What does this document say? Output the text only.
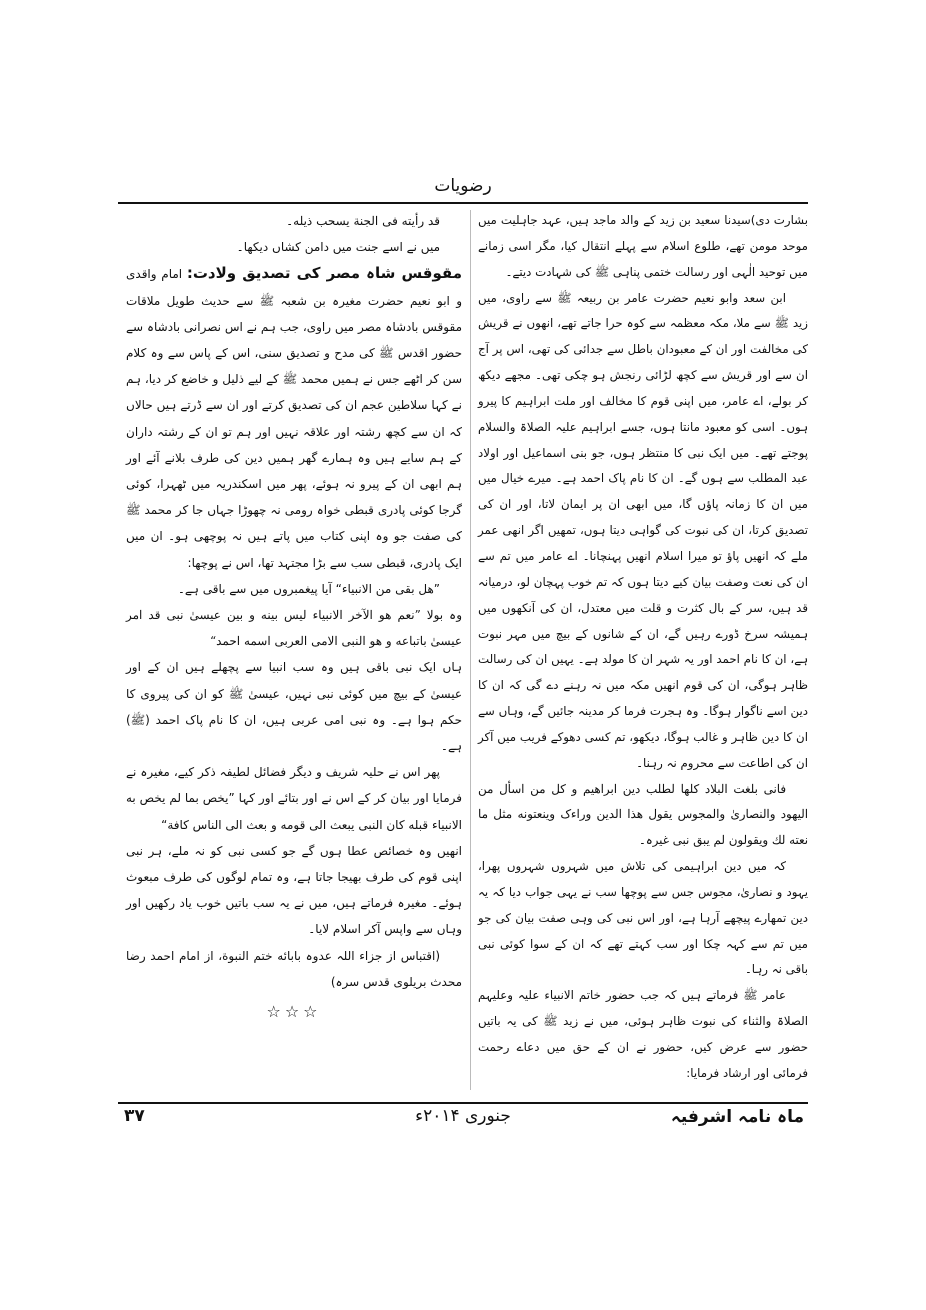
رضویات

بشارت دی)سیدنا سعید بن زید کے والد ماجد ہیں، عہد جاہلیت میں موحد مومن تھے، طلوع اسلام سے پہلے انتقال کیا، مگر اسی زمانے میں توحید الٰہی اور رسالت ختمی پناہی ﷺ کی شہادت دیتے۔

ابن سعد وابو نعیم حضرت عامر بن ربیعہ ﷺ سے راوی، میں زید ﷺ سے ملا، مکہ معظمہ سے کوہ حرا جاتے تھے، انھوں نے قریش کی مخالفت اور ان کے معبودان باطل سے جدائی کی تھی، اس پر آج ان سے اور قریش سے کچھ لڑائی رنجش ہو چکی تھی۔ مجھے دیکھ کر بولے، اے عامر، میں اپنی قوم کا مخالف اور ملت ابراہیم کا پیرو ہوں۔ اسی کو معبود مانتا ہوں، جسے ابراہیم علیہ الصلاۃ والسلام پوجتے تھے۔ میں ایک نبی کا منتظر ہوں، جو بنی اسماعیل اور اولاد عبد المطلب سے ہوں گے۔ ان کا نام پاک احمد ہے۔ میرے خیال میں میں ان کا زمانہ پاؤں گا، میں ابھی ان پر ایمان لاتا، اور ان کی تصدیق کرتا، ان کی نبوت کی گواہی دیتا ہوں، تمھیں اگر انھی عمر ملے کہ انھیں پاؤ تو میرا اسلام انھیں پہنچانا۔ اے عامر میں تم سے ان کی نعت وصفت بیان کیے دیتا ہوں کہ تم خوب پہچان لو، درمیانہ قد ہیں، سر کے بال کثرت و قلت میں معتدل، ان کی آنکھوں میں ہمیشہ سرخ ڈورے رہیں گے، ان کے شانوں کے بیچ میں مہر نبوت ہے، ان کا نام احمد اور یہ شہر ان کا مولد ہے۔ یہیں ان کی رسالت ظاہر ہوگی، ان کی قوم انھیں مکہ میں نہ رہنے دے گی کہ ان کا دین اسے ناگوار ہوگا۔ وہ ہجرت فرما کر مدینہ جائیں گے، وہاں سے ان کا دین ظاہر و غالب ہوگا، دیکھو، تم کسی دھوکے فریب میں آکر ان کی اطاعت سے محروم نہ رہنا۔

فانی بلغت البلاد کلھا لطلب دین ابراھیم و کل من اسأل من الیھود والنصاریٰ والمجوس یقول ھذا الدین وراءک وینعتونه مثل ما نعته لك ویقولون لم یبق نبی غیرہ۔

کہ میں دین ابراہیمی کی تلاش میں شہروں شہروں پھرا، یہود و نصاریٰ، مجوس جس سے پوچھا سب نے یہی جواب دیا کہ یہ دین تمھارے پیچھے آرہا ہے، اور اس نبی کی وہی صفت بیان کی جو میں تم سے کہہ چکا اور سب کہتے تھے کہ ان کے سوا کوئی نبی باقی نہ رہا۔

عامر ﷺ فرماتے ہیں کہ جب حضور خاتم الانبیاء علیہ وعلیہم الصلاۃ والثناء کی نبوت ظاہر ہوئی، میں نے زید ﷺ کی یہ باتیں حضور سے عرض کیں، حضور نے ان کے حق میں دعاے رحمت فرمائی اور ارشاد فرمایا:

قد رأیته فی الجنة یسحب ذیله۔

میں نے اسے جنت میں دامن کشاں دیکھا۔

مقوقس شاہ مصر کی تصدیق ولادت: امام واقدی و ابو نعیم حضرت مغیرہ بن شعبہ ﷺ سے حدیث طویل ملاقات مقوقس بادشاہ مصر میں راوی، جب ہم نے اس نصرانی بادشاہ سے حضور اقدس ﷺ کی مدح و تصدیق سنی، اس کے پاس سے وہ کلام سن کر اٹھے جس نے ہمیں محمد ﷺ کے لیے ذلیل و خاضع کر دیا، ہم نے کہا سلاطین عجم ان کی تصدیق کرتے اور ان سے ڈرتے ہیں حالاں کہ ان سے کچھ رشتہ اور علاقہ نہیں اور ہم تو ان کے رشتہ داران کے ہم سایے ہیں وہ ہمارے گھر ہمیں دین کی طرف بلانے آئے اور ہم ابھی ان کے پیرو نہ ہوئے، پھر میں اسکندریہ میں ٹھہرا، کوئی گرجا کوئی پادری قبطی خواہ رومی نہ چھوڑا جہاں جا کر محمد ﷺ کی صفت جو وہ اپنی کتاب میں پاتے ہیں نہ پوچھی ہو۔ ان میں ایک پادری، قبطی سب سے بڑا مجتہد تھا، اس نے پوچھا:

”ھل بقی من الانبیاء“ آیا پیغمبروں میں سے باقی ہے۔

وہ بولا ”نعم ھو الآخر الانبیاء لیس بینه و بین عیسیٰ نبی قد امر عیسیٰ باتباعه و ھو النبی الامی العربی اسمه احمد“

ہاں ایک نبی باقی ہیں وہ سب انبیا سے پچھلے ہیں ان کے اور عیسیٰ کے بیچ میں کوئی نبی نہیں، عیسیٰ ﷺ کو ان کی پیروی کا حکم ہوا ہے۔ وہ نبی امی عربی ہیں، ان کا نام پاک احمد (ﷺ) ہے۔

پھر اس نے حلیہ شریف و دیگر فضائل لطیفہ ذکر کیے، مغیرہ نے فرمایا اور بیان کر کے اس نے اور بتائے اور کہا ”یخص بما لم یخص به الانبیاء قبله کان النبی یبعث الی قومه و بعث الی الناس کافة“

انھیں وہ خصائص عطا ہوں گے جو کسی نبی کو نہ ملے، ہر نبی اپنی قوم کی طرف بھیجا جاتا ہے، وہ تمام لوگوں کی طرف مبعوث ہوئے۔ مغیرہ فرماتے ہیں، میں نے یہ سب باتیں خوب یاد رکھیں اور وہاں سے واپس آکر اسلام لایا۔

(اقتباس از جزاء اللہ عدوہ بابائه ختم النبوة، از امام احمد رضا محدث بریلوی قدس سرہ)

☆☆☆

ماہ نامہ اشرفیہ
جنوری ۲۰۱۴ء
۳۷
